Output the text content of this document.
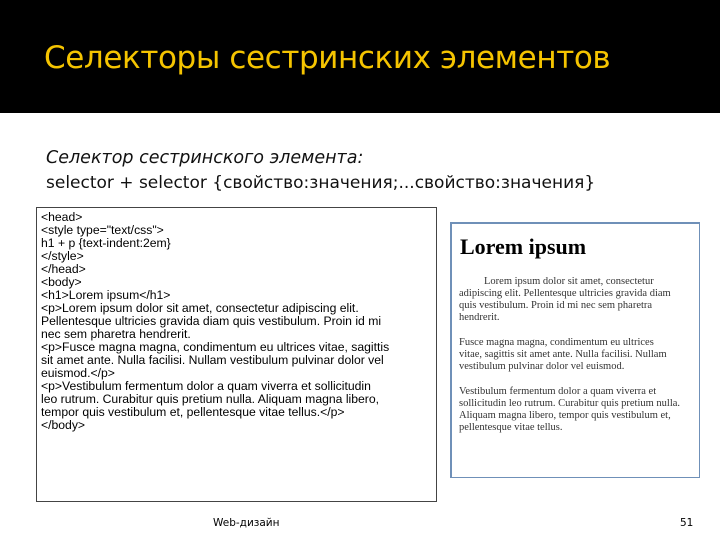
Селекторы сестринских элементов
Селектор сестринского элемента:
selector + selector {свойство:значения;...свойство:значения}
<head>
<style type="text/css">
h1 + p {text-indent:2em}
</style>
</head>
<body>
<h1>Lorem ipsum</h1>
<p>Lorem ipsum dolor sit amet, consectetur adipiscing elit.
Pellentesque ultricies gravida diam quis vestibulum. Proin id mi
nec sem pharetra hendrerit.
<p>Fusce magna magna, condimentum eu ultrices vitae, sagittis
sit amet ante. Nulla facilisi. Nullam vestibulum pulvinar dolor vel
euismod.</p>
<p>Vestibulum fermentum dolor a quam viverra et sollicitudin
leo rutrum. Curabitur quis pretium nulla. Aliquam magna libero,
tempor quis vestibulum et, pellentesque vitae tellus.</p>
</body>
Lorem ipsum
Lorem ipsum dolor sit amet, consectetur
adipiscing elit. Pellentesque ultricies gravida diam
quis vestibulum. Proin id mi nec sem pharetra
hendrerit.
Fusce magna magna, condimentum eu ultrices
vitae, sagittis sit amet ante. Nulla facilisi. Nullam
vestibulum pulvinar dolor vel euismod.
Vestibulum fermentum dolor a quam viverra et
sollicitudin leo rutrum. Curabitur quis pretium nulla.
Aliquam magna libero, tempor quis vestibulum et,
pellentesque vitae tellus.
Web-дизайн	51
